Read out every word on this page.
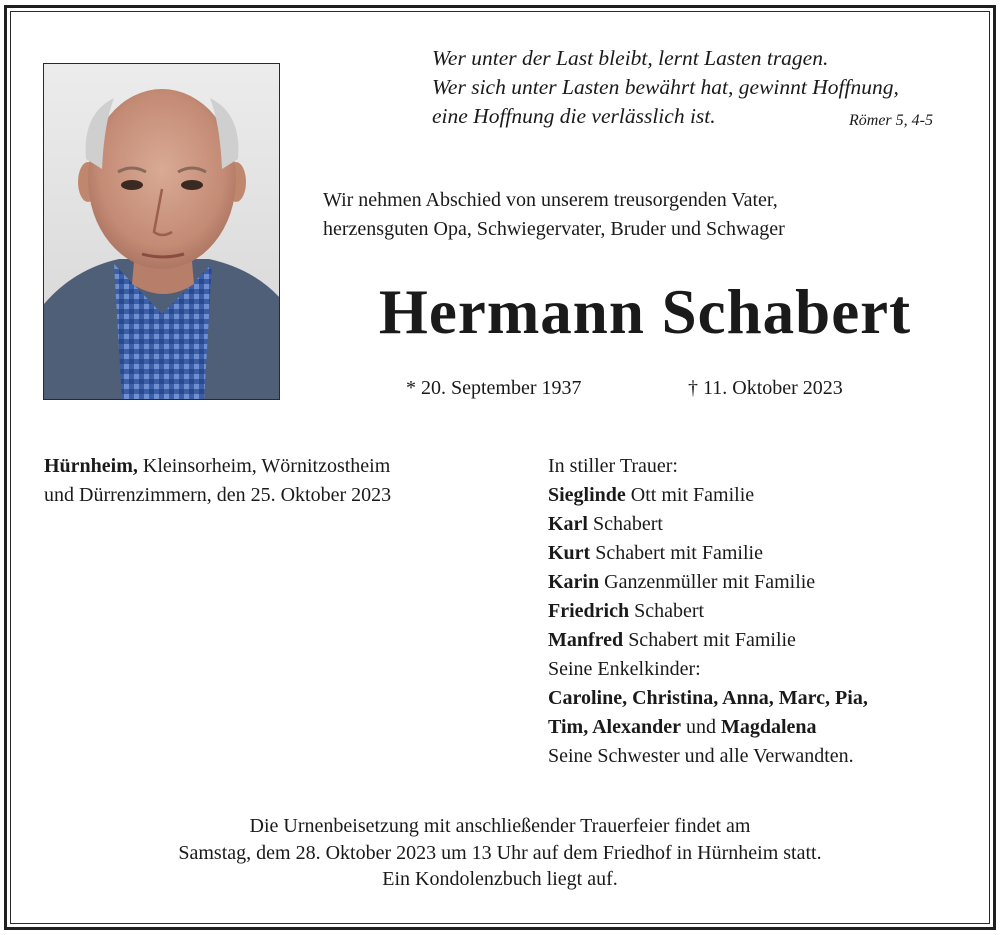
Wer unter der Last bleibt, lernt Lasten tragen.
Wer sich unter Lasten bewährt hat, gewinnt Hoffnung,
eine Hoffnung die verlässlich ist.	Römer 5, 4-5
Wir nehmen Abschied von unserem treusorgenden Vater,
herzensguten Opa, Schwiegervater, Bruder und Schwager
Hermann Schabert
* 20. September 1937	† 11. Oktober 2023
Hürnheim, Kleinsorheim, Wörnitzostheim
und Dürrenzimmern, den 25. Oktober 2023
In stiller Trauer:
Sieglinde Ott mit Familie
Karl Schabert
Kurt Schabert mit Familie
Karin Ganzenmüller mit Familie
Friedrich Schabert
Manfred Schabert mit Familie
Seine Enkelkinder:
Caroline, Christina, Anna, Marc, Pia,
Tim, Alexander und Magdalena
Seine Schwester und alle Verwandten.
Die Urnenbeisetzung mit anschließender Trauerfeier findet am
Samstag, dem 28. Oktober 2023 um 13 Uhr auf dem Friedhof in Hürnheim statt.
Ein Kondolenzbuch liegt auf.
